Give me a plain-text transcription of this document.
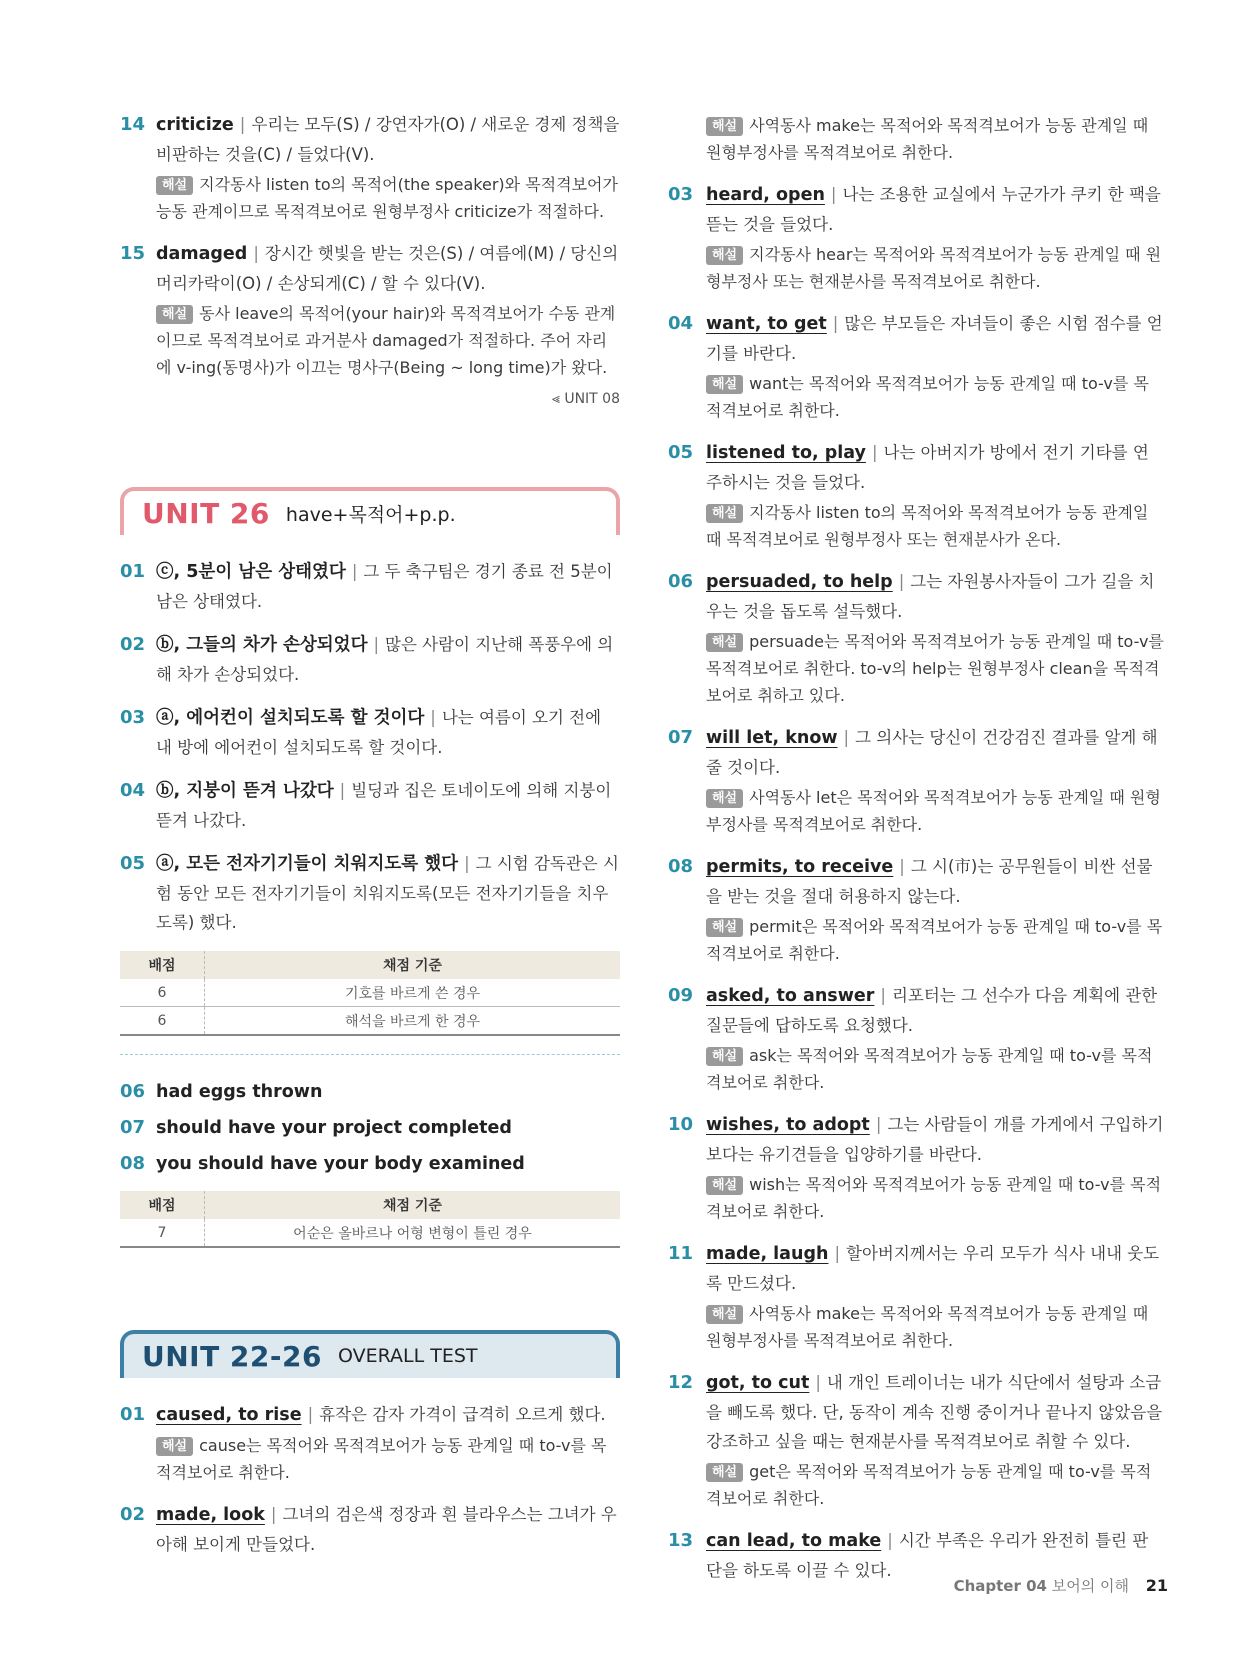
14 criticize | 우리는 모두(S) / 강연자가(O) / 새로운 경제 정책을 비판하는 것을(C) / 들었다(V).
해설 지각동사 listen to의 목적어(the speaker)와 목적격보어가 능동 관계이므로 목적격보어로 원형부정사 criticize가 적절하다.
15 damaged | 장시간 햇빛을 받는 것은(S) / 여름에(M) / 당신의 머리카락이(O) / 손상되게(C) / 할 수 있다(V).
해설 동사 leave의 목적어(your hair)와 목적격보어가 수동 관계이므로 목적격보어로 과거분사 damaged가 적절하다. 주어 자리에 v-ing(동명사)가 이끄는 명사구(Being ~ long time)가 왔다.
⪡ UNIT 08
UNIT 26 have+목적어+p.p.
01 ⓒ, 5분이 남은 상태였다 | 그 두 축구팀은 경기 종료 전 5분이 남은 상태였다.
02 ⓑ, 그들의 차가 손상되었다 | 많은 사람이 지난해 폭풍우에 의해 차가 손상되었다.
03 ⓐ, 에어컨이 설치되도록 할 것이다 | 나는 여름이 오기 전에 내 방에 에어컨이 설치되도록 할 것이다.
04 ⓑ, 지붕이 뜯겨 나갔다 | 빌딩과 집은 토네이도에 의해 지붕이 뜯겨 나갔다.
05 ⓐ, 모든 전자기기들이 치워지도록 했다 | 그 시험 감독관은 시험 동안 모든 전자기기들이 치워지도록(모든 전자기기들을 치우도록) 했다.
배점	채점 기준
6	기호를 바르게 쓴 경우
6	해석을 바르게 한 경우
06 had eggs thrown
07 should have your project completed
08 you should have your body examined
배점	채점 기준
7	어순은 올바르나 어형 변형이 틀린 경우
UNIT 22-26 OVERALL TEST
01 caused, to rise | 휴작은 감자 가격이 급격히 오르게 했다.
해설 cause는 목적어와 목적격보어가 능동 관계일 때 to-v를 목적격보어로 취한다.
02 made, look | 그녀의 검은색 정장과 흰 블라우스는 그녀가 우아해 보이게 만들었다.
해설 사역동사 make는 목적어와 목적격보어가 능동 관계일 때 원형부정사를 목적격보어로 취한다.
03 heard, open | 나는 조용한 교실에서 누군가가 쿠키 한 팩을 뜯는 것을 들었다.
해설 지각동사 hear는 목적어와 목적격보어가 능동 관계일 때 원형부정사 또는 현재분사를 목적격보어로 취한다.
04 want, to get | 많은 부모들은 자녀들이 좋은 시험 점수를 얻기를 바란다.
해설 want는 목적어와 목적격보어가 능동 관계일 때 to-v를 목적격보어로 취한다.
05 listened to, play | 나는 아버지가 방에서 전기 기타를 연주하시는 것을 들었다.
해설 지각동사 listen to의 목적어와 목적격보어가 능동 관계일 때 목적격보어로 원형부정사 또는 현재분사가 온다.
06 persuaded, to help | 그는 자원봉사자들이 그가 길을 치우는 것을 돕도록 설득했다.
해설 persuade는 목적어와 목적격보어가 능동 관계일 때 to-v를 목적격보어로 취한다. to-v의 help는 원형부정사 clean을 목적격보어로 취하고 있다.
07 will let, know | 그 의사는 당신이 건강검진 결과를 알게 해줄 것이다.
해설 사역동사 let은 목적어와 목적격보어가 능동 관계일 때 원형부정사를 목적격보어로 취한다.
08 permits, to receive | 그 시(市)는 공무원들이 비싼 선물을 받는 것을 절대 허용하지 않는다.
해설 permit은 목적어와 목적격보어가 능동 관계일 때 to-v를 목적격보어로 취한다.
09 asked, to answer | 리포터는 그 선수가 다음 계획에 관한 질문들에 답하도록 요청했다.
해설 ask는 목적어와 목적격보어가 능동 관계일 때 to-v를 목적격보어로 취한다.
10 wishes, to adopt | 그는 사람들이 개를 가게에서 구입하기보다는 유기견들을 입양하기를 바란다.
해설 wish는 목적어와 목적격보어가 능동 관계일 때 to-v를 목적격보어로 취한다.
11 made, laugh | 할아버지께서는 우리 모두가 식사 내내 웃도록 만드셨다.
해설 사역동사 make는 목적어와 목적격보어가 능동 관계일 때 원형부정사를 목적격보어로 취한다.
12 got, to cut | 내 개인 트레이너는 내가 식단에서 설탕과 소금을 빼도록 했다. 단, 동작이 계속 진행 중이거나 끝나지 않았음을 강조하고 싶을 때는 현재분사를 목적격보어로 취할 수 있다.
해설 get은 목적어와 목적격보어가 능동 관계일 때 to-v를 목적격보어로 취한다.
13 can lead, to make | 시간 부족은 우리가 완전히 틀린 판단을 하도록 이끌 수 있다.
Chapter 04 보어의 이해 21
